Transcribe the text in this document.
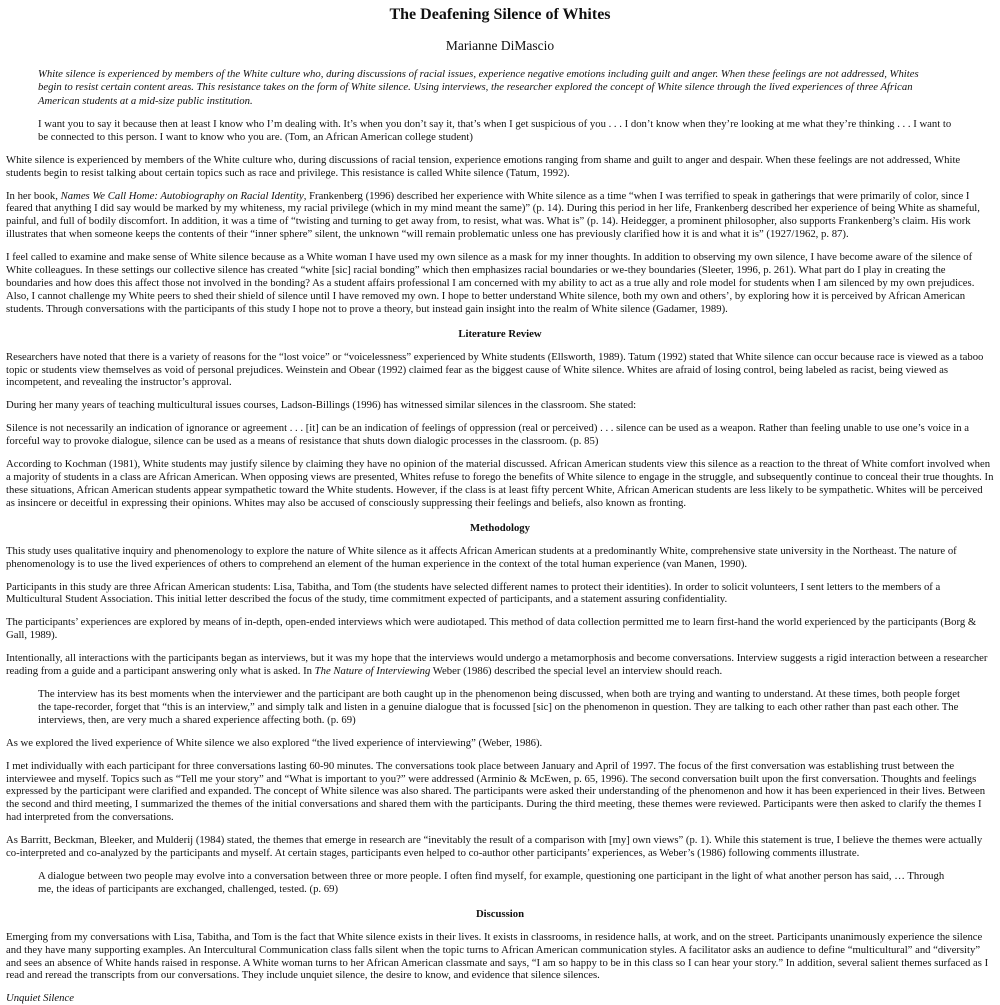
The Deafening Silence of Whites
Marianne DiMascio

White silence is experienced by members of the White culture who, during discussions of racial issues, experience negative emotions including guilt and anger. When these feelings are not addressed, Whites begin to resist certain content areas. This resistance takes on the form of White silence. Using interviews, the researcher explored the concept of White silence through the lived experiences of three African American students at a mid-size public institution.

I want you to say it because then at least I know who I’m dealing with. It’s when you don’t say it, that’s when I get suspicious of you . . . I don’t know when they’re looking at me what they’re thinking . . . I want to be connected to this person. I want to know who you are. (Tom, an African American college student)

White silence is experienced by members of the White culture who, during discussions of racial tension, experience emotions ranging from shame and guilt to anger and despair. When these feelings are not addressed, White students begin to resist talking about certain topics such as race and privilege. This resistance is called White silence (Tatum, 1992).

In her book, Names We Call Home: Autobiography on Racial Identity, Frankenberg (1996) described her experience with White silence as a time “when I was terrified to speak in gatherings that were primarily of color, since I feared that anything I did say would be marked by my whiteness, my racial privilege (which in my mind meant the same)” (p. 14). During this period in her life, Frankenberg described her experience of being White as shameful, painful, and full of bodily discomfort. In addition, it was a time of “twisting and turning to get away from, to resist, what was. What is” (p. 14). Heidegger, a prominent philosopher, also supports Frankenberg’s claim. His work illustrates that when someone keeps the contents of their “inner sphere” silent, the unknown “will remain problematic unless one has previously clarified how it is and what it is” (1927/1962, p. 87).

I feel called to examine and make sense of White silence because as a White woman I have used my own silence as a mask for my inner thoughts. In addition to observing my own silence, I have become aware of the silence of White colleagues. In these settings our collective silence has created “white [sic] racial bonding” which then emphasizes racial boundaries or we-they boundaries (Sleeter, 1996, p. 261). What part do I play in creating the boundaries and how does this affect those not involved in the bonding? As a student affairs professional I am concerned with my ability to act as a true ally and role model for students when I am silenced by my own prejudices. Also, I cannot challenge my White peers to shed their shield of silence until I have removed my own. I hope to better understand White silence, both my own and others’, by exploring how it is perceived by African American students. Through conversations with the participants of this study I hope not to prove a theory, but instead gain insight into the realm of White silence (Gadamer, 1989).

Literature Review

Researchers have noted that there is a variety of reasons for the “lost voice” or “voicelessness” experienced by White students (Ellsworth, 1989). Tatum (1992) stated that White silence can occur because race is viewed as a taboo topic or students view themselves as void of personal prejudices. Weinstein and Obear (1992) claimed fear as the biggest cause of White silence. Whites are afraid of losing control, being labeled as racist, being viewed as incompetent, and revealing the instructor’s approval.

During her many years of teaching multicultural issues courses, Ladson-Billings (1996) has witnessed similar silences in the classroom. She stated:

Silence is not necessarily an indication of ignorance or agreement . . . [it] can be an indication of feelings of oppression (real or perceived) . . . silence can be used as a weapon. Rather than feeling unable to use one’s voice in a forceful way to provoke dialogue, silence can be used as a means of resistance that shuts down dialogic processes in the classroom. (p. 85)

According to Kochman (1981), White students may justify silence by claiming they have no opinion of the material discussed. African American students view this silence as a reaction to the threat of White comfort involved when a majority of students in a class are African American. When opposing views are presented, Whites refuse to forego the benefits of White silence to engage in the struggle, and subsequently continue to conceal their true thoughts. In these situations, African American students appear sympathetic toward the White students. However, if the class is at least fifty percent White, African American students are less likely to be sympathetic. Whites will be perceived as insincere or deceitful in expressing their opinions. Whites may also be accused of consciously suppressing their feelings and beliefs, also known as fronting.

Methodology

This study uses qualitative inquiry and phenomenology to explore the nature of White silence as it affects African American students at a predominantly White, comprehensive state university in the Northeast. The nature of phenomenology is to use the lived experiences of others to comprehend an element of the human experience in the context of the total human experience (van Manen, 1990).

Participants in this study are three African American students: Lisa, Tabitha, and Tom (the students have selected different names to protect their identities). In order to solicit volunteers, I sent letters to the members of a Multicultural Student Association. This initial letter described the focus of the study, time commitment expected of participants, and a statement assuring confidentiality.

The participants’ experiences are explored by means of in-depth, open-ended interviews which were audiotaped. This method of data collection permitted me to learn first-hand the world experienced by the participants (Borg & Gall, 1989).

Intentionally, all interactions with the participants began as interviews, but it was my hope that the interviews would undergo a metamorphosis and become conversations. Interview suggests a rigid interaction between a researcher reading from a guide and a participant answering only what is asked. In The Nature of Interviewing Weber (1986) described the special level an interview should reach.

The interview has its best moments when the interviewer and the participant are both caught up in the phenomenon being discussed, when both are trying and wanting to understand. At these times, both people forget the tape-recorder, forget that “this is an interview,” and simply talk and listen in a genuine dialogue that is focussed [sic] on the phenomenon in question. They are talking to each other rather than past each other. The interviews, then, are very much a shared experience affecting both. (p. 69)

As we explored the lived experience of White silence we also explored “the lived experience of interviewing” (Weber, 1986).

I met individually with each participant for three conversations lasting 60-90 minutes. The conversations took place between January and April of 1997. The focus of the first conversation was establishing trust between the interviewee and myself. Topics such as “Tell me your story” and “What is important to you?” were addressed (Arminio & McEwen, p. 65, 1996). The second conversation built upon the first conversation. Thoughts and feelings expressed by the participant were clarified and expanded. The concept of White silence was also shared. The participants were asked their understanding of the phenomenon and how it has been experienced in their lives. Between the second and third meeting, I summarized the themes of the initial conversations and shared them with the participants. During the third meeting, these themes were reviewed. Participants were then asked to clarify the themes I had interpreted from the conversations.

As Barritt, Beckman, Bleeker, and Mulderij (1984) stated, the themes that emerge in research are “inevitably the result of a comparison with [my] own views” (p. 1). While this statement is true, I believe the themes were actually co-interpreted and co-analyzed by the participants and myself. At certain stages, participants even helped to co-author other participants’ experiences, as Weber’s (1986) following comments illustrate.

A dialogue between two people may evolve into a conversation between three or more people. I often find myself, for example, questioning one participant in the light of what another person has said, … Through me, the ideas of participants are exchanged, challenged, tested. (p. 69)

Discussion

Emerging from my conversations with Lisa, Tabitha, and Tom is the fact that White silence exists in their lives. It exists in classrooms, in residence halls, at work, and on the street. Participants unanimously experience the silence and they have many supporting examples. An Intercultural Communication class falls silent when the topic turns to African American communication styles. A facilitator asks an audience to define “multicultural” and “diversity” and sees an absence of White hands raised in response. A White woman turns to her African American classmate and says, “I am so happy to be in this class so I can hear your story.” In addition, several salient themes surfaced as I read and reread the transcripts from our conversations. They include unquiet silence, the desire to know, and evidence that silence silences.

Unquiet Silence
